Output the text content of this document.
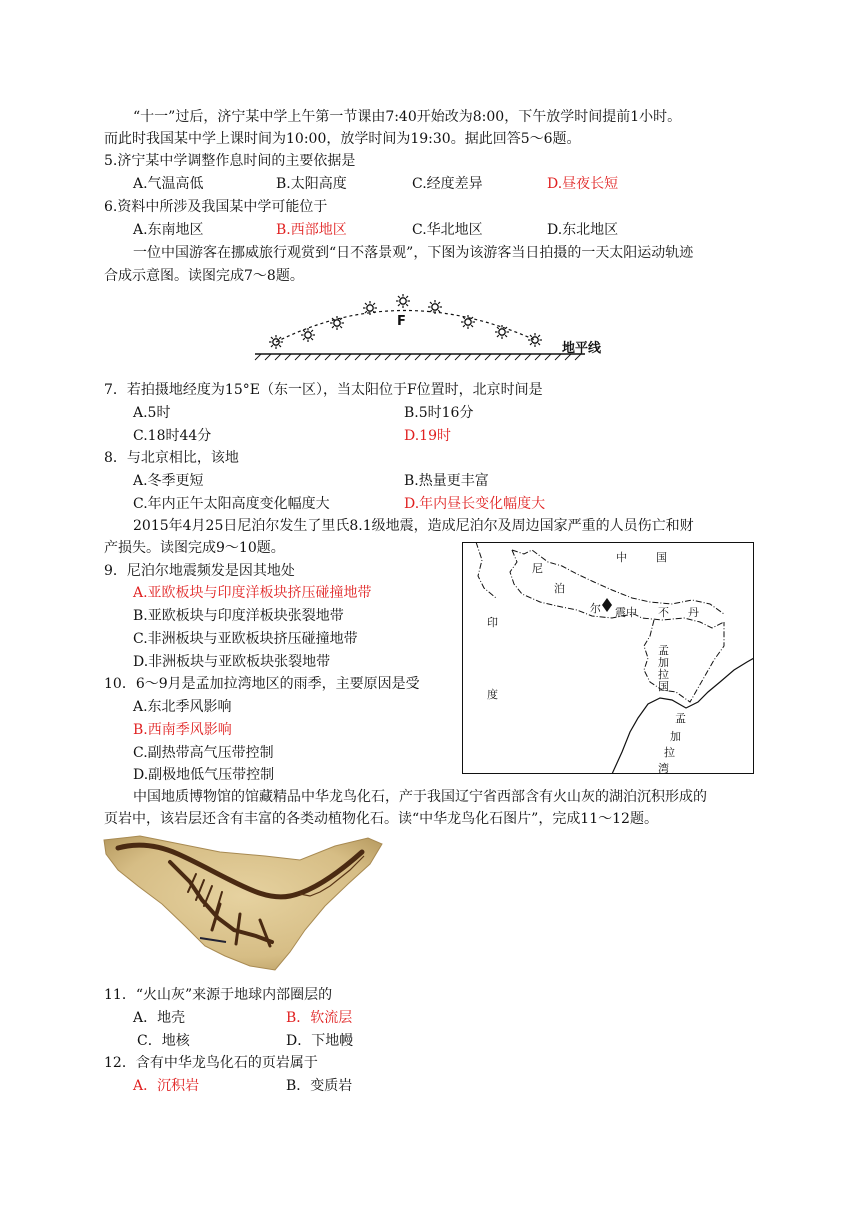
“十一”过后，济宁某中学上午第一节课由7:40开始改为8:00，下午放学时间提前1小时。
而此时我国某中学上课时间为10:00，放学时间为19:30。据此回答5～6题。
5.济宁某中学调整作息时间的主要依据是
A.气温高低	B.太阳高度	C.经度差异	D.昼夜长短
6.资料中所涉及我国某中学可能位于
A.东南地区	B.西部地区	C.华北地区	D.东北地区
一位中国游客在挪威旅行观赏到“日不落景观”，下图为该游客当日拍摄的一天太阳运动轨迹
合成示意图。读图完成7～8题。
F
地平线
7．若拍摄地经度为15°E（东一区），当太阳位于F位置时，北京时间是
A.5时	B.5时16分
C.18时44分	D.19时
8．与北京相比，该地
A.冬季更短	B.热量更丰富
C.年内正午太阳高度变化幅度大	D.年内昼长变化幅度大
2015年4月25日尼泊尔发生了里氏8.1级地震，造成尼泊尔及周边国家严重的人员伤亡和财
产损失。读图完成9～10题。
中	国
尼
泊
尔 震中 不 丹
印
度
孟
加
拉
国
孟
加
拉
湾
9．尼泊尔地震频发是因其地处
A.亚欧板块与印度洋板块挤压碰撞地带
B.亚欧板块与印度洋板块张裂地带
C.非洲板块与亚欧板块挤压碰撞地带
D.非洲板块与亚欧板块张裂地带
10．6～9月是孟加拉湾地区的雨季，主要原因是受
A.东北季风影响
B.西南季风影响
C.副热带高气压带控制
D.副极地低气压带控制
中国地质博物馆的馆藏精品中华龙鸟化石，产于我国辽宁省西部含有火山灰的湖泊沉积形成的
页岩中，该岩层还含有丰富的各类动植物化石。读“中华龙鸟化石图片”，完成11～12题。
11．“火山灰”来源于地球内部圈层的
A．地壳	B．软流层
C．地核	D．下地幔
12．含有中华龙鸟化石的页岩属于
A．沉积岩	B．变质岩
